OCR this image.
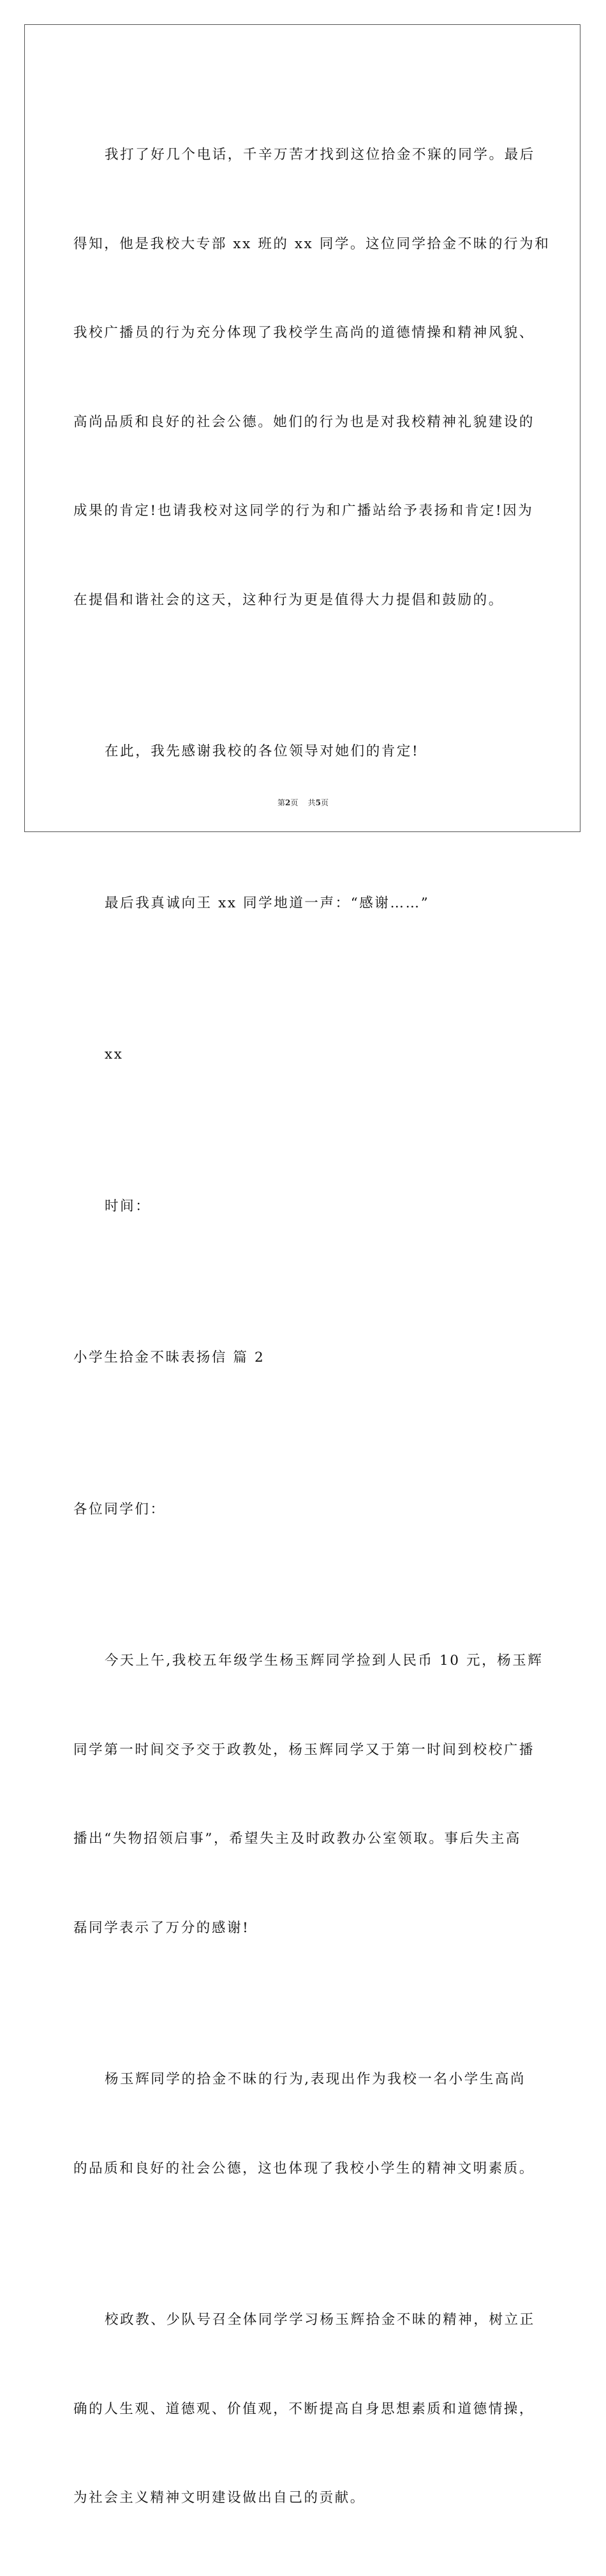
我打了好几个电话，千辛万苦才找到这位拾金不寐的同学。最后

得知，他是我校大专部 xx 班的 xx 同学。这位同学拾金不昧的行为和

我校广播员的行为充分体现了我校学生高尚的道德情操和精神风貌、

高尚品质和良好的社会公德。她们的行为也是对我校精神礼貌建设的

成果的肯定!也请我校对这同学的行为和广播站给予表扬和肯定!因为

在提倡和谐社会的这天，这种行为更是值得大力提倡和鼓励的。

在此，我先感谢我校的各位领导对她们的肯定!

最后我真诚向王 xx 同学地道一声：“感谢……”

xx

时间：

小学生拾金不昧表扬信 篇 2

各位同学们：

今天上午,我校五年级学生杨玉辉同学捡到人民币 10 元，杨玉辉

同学第一时间交予交于政教处，杨玉辉同学又于第一时间到校校广播

播出“失物招领启事”，希望失主及时政教办公室领取。事后失主高

磊同学表示了万分的感谢!

杨玉辉同学的拾金不昧的行为,表现出作为我校一名小学生高尚

的品质和良好的社会公德，这也体现了我校小学生的精神文明素质。

校政教、少队号召全体同学学习杨玉辉拾金不昧的精神，树立正

确的人生观、道德观、价值观，不断提高自身思想素质和道德情操，

为社会主义精神文明建设做出自己的贡献。

第2页 共5页
